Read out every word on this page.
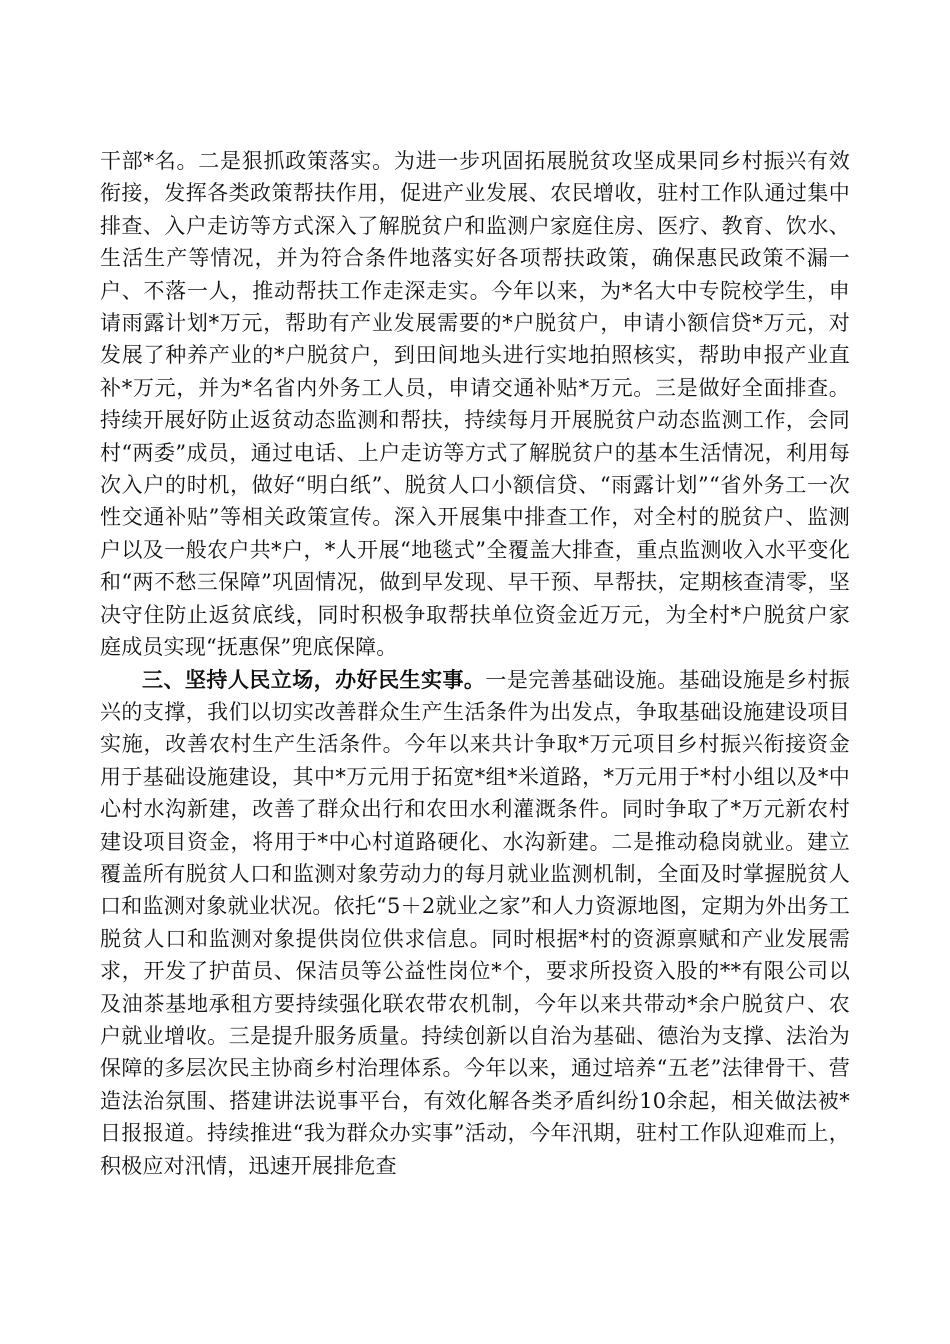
干部*名。二是狠抓政策落实。为进一步巩固拓展脱贫攻坚成果同乡村振兴有效衔接，发挥各类政策帮扶作用，促进产业发展、农民增收，驻村工作队通过集中排查、入户走访等方式深入了解脱贫户和监测户家庭住房、医疗、教育、饮水、生活生产等情况，并为符合条件地落实好各项帮扶政策，确保惠民政策不漏一户、不落一人，推动帮扶工作走深走实。今年以来，为*名大中专院校学生，申请雨露计划*万元，帮助有产业发展需要的*户脱贫户，申请小额信贷*万元，对发展了种养产业的*户脱贫户，到田间地头进行实地拍照核实，帮助申报产业直补*万元，并为*名省内外务工人员，申请交通补贴*万元。三是做好全面排查。持续开展好防止返贫动态监测和帮扶，持续每月开展脱贫户动态监测工作，会同村“两委”成员，通过电话、上户走访等方式了解脱贫户的基本生活情况，利用每次入户的时机，做好“明白纸”、脱贫人口小额信贷、“雨露计划”“省外务工一次性交通补贴”等相关政策宣传。深入开展集中排查工作，对全村的脱贫户、监测户以及一般农户共*户，*人开展“地毯式”全覆盖大排查，重点监测收入水平变化和“两不愁三保障”巩固情况，做到早发现、早干预、早帮扶，定期核查清零，坚决守住防止返贫底线，同时积极争取帮扶单位资金近万元，为全村*户脱贫户家庭成员实现“抚惠保”兜底保障。

三、坚持人民立场，办好民生实事。一是完善基础设施。基础设施是乡村振兴的支撑，我们以切实改善群众生产生活条件为出发点，争取基础设施建设项目实施，改善农村生产生活条件。今年以来共计争取*万元项目乡村振兴衔接资金用于基础设施建设，其中*万元用于拓宽*组*米道路，*万元用于*村小组以及*中心村水沟新建，改善了群众出行和农田水利灌溉条件。同时争取了*万元新农村建设项目资金，将用于*中心村道路硬化、水沟新建。二是推动稳岗就业。建立覆盖所有脱贫人口和监测对象劳动力的每月就业监测机制，全面及时掌握脱贫人口和监测对象就业状况。依托“5＋2就业之家”和人力资源地图，定期为外出务工脱贫人口和监测对象提供岗位供求信息。同时根据*村的资源禀赋和产业发展需求，开发了护苗员、保洁员等公益性岗位*个，要求所投资入股的**有限公司以及油茶基地承租方要持续强化联农带农机制，今年以来共带动*余户脱贫户、农户就业增收。三是提升服务质量。持续创新以自治为基础、德治为支撑、法治为保障的多层次民主协商乡村治理体系。今年以来，通过培养“五老”法律骨干、营造法治氛围、搭建讲法说事平台，有效化解各类矛盾纠纷10余起，相关做法被*日报报道。持续推进“我为群众办实事”活动，今年汛期，驻村工作队迎难而上，积极应对汛情，迅速开展排危查
